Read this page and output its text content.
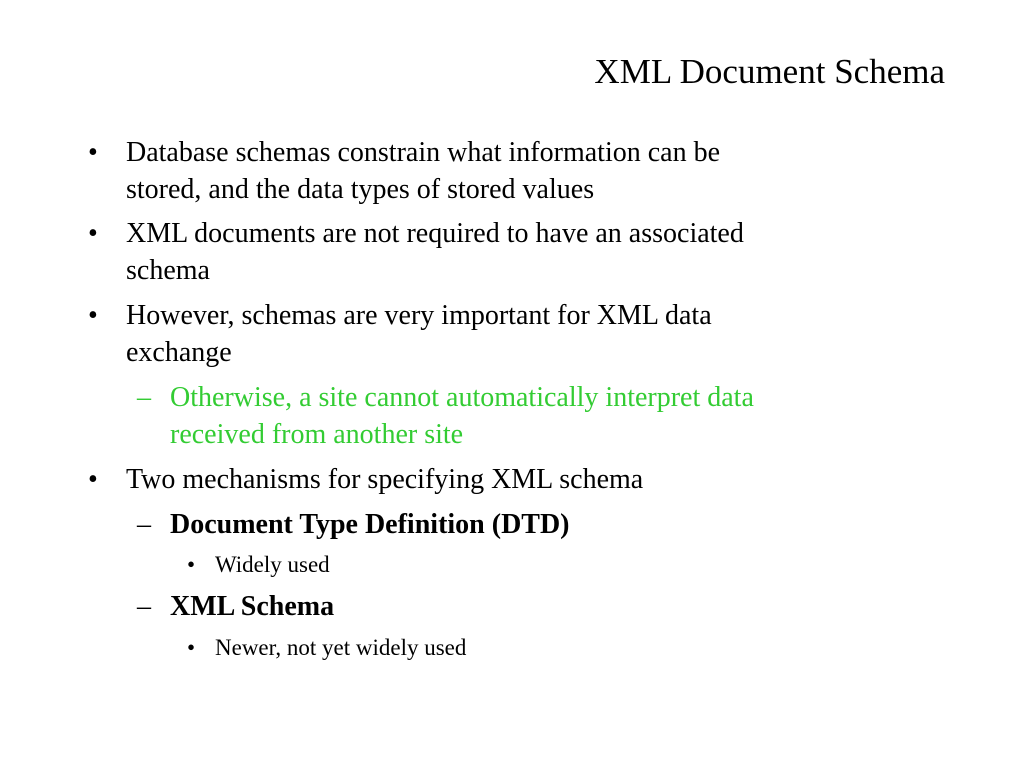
XML Document Schema
• Database schemas constrain what information can be
stored, and the data types of stored values
• XML documents are not required to have an associated
schema
• However, schemas are very important for XML data
exchange
– Otherwise, a site cannot automatically interpret data
received from another site
• Two mechanisms for specifying XML schema
– Document Type Definition (DTD)
• Widely used
– XML Schema
• Newer, not yet widely used
